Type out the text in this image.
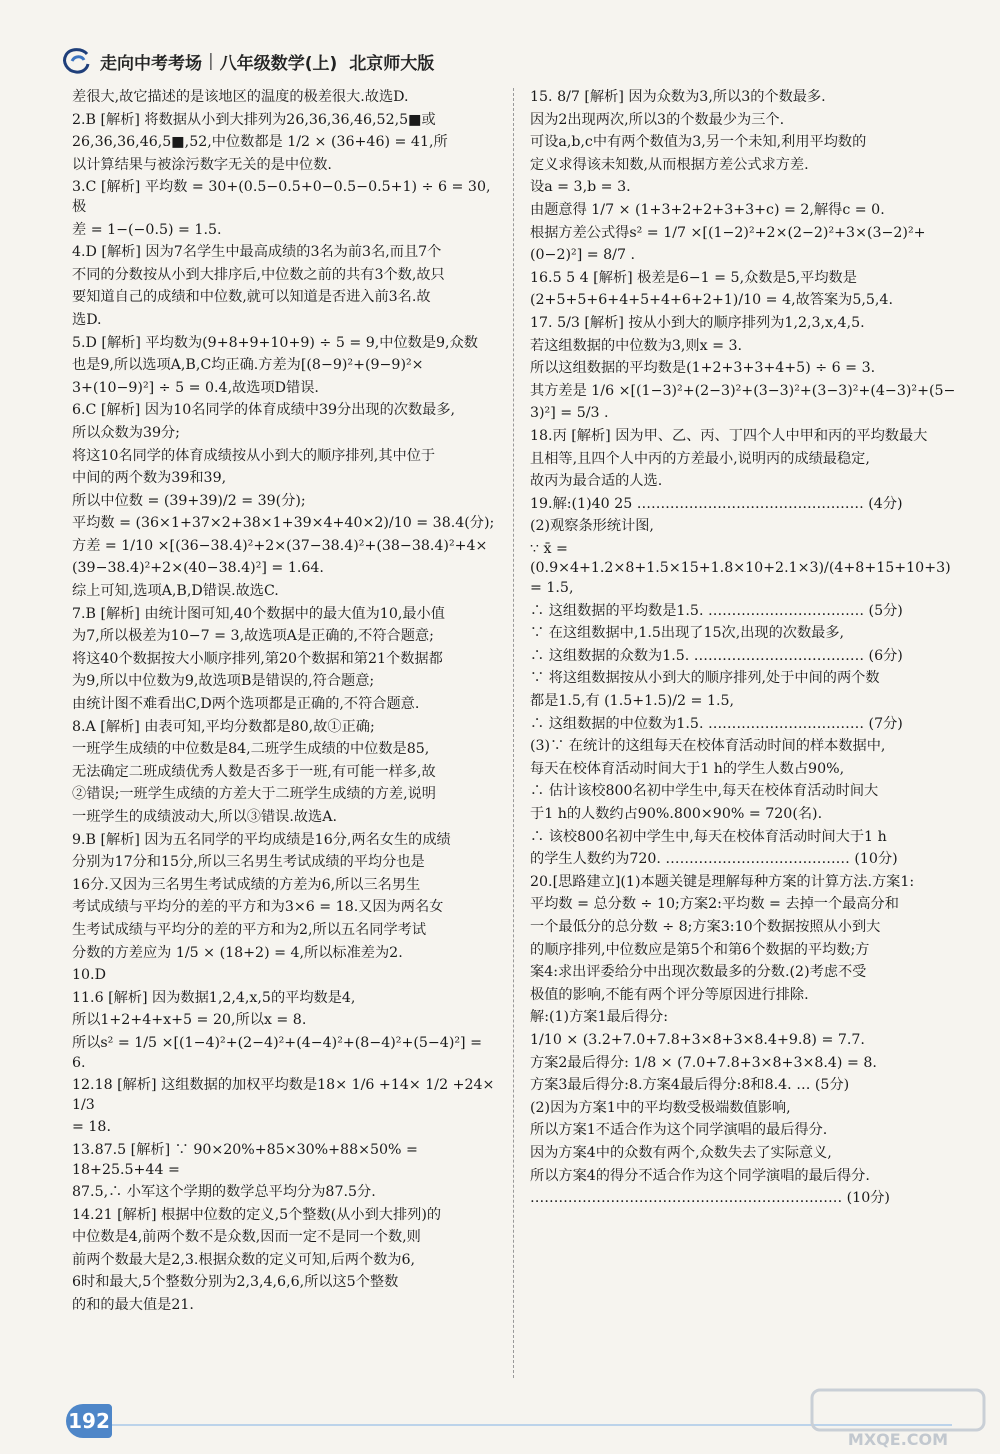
走向中考考场 | 八年级数学(上) 北京师大版
差很大,故它描述的是该地区的温度的极差很大.故选D.
2.B [解析] 将数据从小到大排列为26,36,36,46,52,5■或
26,36,36,46,5■,52,中位数都是 1/2 × (36+46) = 41,所
以计算结果与被涂污数字无关的是中位数.
3.C [解析] 平均数 = 30+(0.5−0.5+0−0.5−0.5+1) ÷ 6 = 30,极
差 = 1−(−0.5) = 1.5.
4.D [解析] 因为7名学生中最高成绩的3名为前3名,而且7个
不同的分数按从小到大排序后,中位数之前的共有3个数,故只
要知道自己的成绩和中位数,就可以知道是否进入前3名.故
选D.
5.D [解析] 平均数为(9+8+9+10+9) ÷ 5 = 9,中位数是9,众数
也是9,所以选项A,B,C均正确.方差为[(8−9)²+(9−9)²×
3+(10−9)²] ÷ 5 = 0.4,故选项D错误.
6.C [解析] 因为10名同学的体育成绩中39分出现的次数最多,
所以众数为39分;
将这10名同学的体育成绩按从小到大的顺序排列,其中位于
中间的两个数为39和39,
所以中位数 = (39+39)/2 = 39(分);
平均数 = (36×1+37×2+38×1+39×4+40×2)/10 = 38.4(分);
方差 = 1/10 ×[(36−38.4)²+2×(37−38.4)²+(38−38.4)²+4×
(39−38.4)²+2×(40−38.4)²] = 1.64.
综上可知,选项A,B,D错误.故选C.
7.B [解析] 由统计图可知,40个数据中的最大值为10,最小值
为7,所以极差为10−7 = 3,故选项A是正确的,不符合题意;
将这40个数据按大小顺序排列,第20个数据和第21个数据都
为9,所以中位数为9,故选项B是错误的,符合题意;
由统计图不难看出C,D两个选项都是正确的,不符合题意.
8.A [解析] 由表可知,平均分数都是80,故①正确;
一班学生成绩的中位数是84,二班学生成绩的中位数是85,
无法确定二班成绩优秀人数是否多于一班,有可能一样多,故
②错误;一班学生成绩的方差大于二班学生成绩的方差,说明
一班学生的成绩波动大,所以③错误.故选A.
9.B [解析] 因为五名同学的平均成绩是16分,两名女生的成绩
分别为17分和15分,所以三名男生考试成绩的平均分也是
16分.又因为三名男生考试成绩的方差为6,所以三名男生
考试成绩与平均分的差的平方和为3×6 = 18.又因为两名女
生考试成绩与平均分的差的平方和为2,所以五名同学考试
分数的方差应为 1/5 × (18+2) = 4,所以标准差为2.
10.D
11.6 [解析] 因为数据1,2,4,x,5的平均数是4,
所以1+2+4+x+5 = 20,所以x = 8.
所以s² = 1/5 ×[(1−4)²+(2−4)²+(4−4)²+(8−4)²+(5−4)²] = 6.
12.18 [解析] 这组数据的加权平均数是18× 1/6 +14× 1/2 +24× 1/3
= 18.
13.87.5 [解析] ∵ 90×20%+85×30%+88×50% = 18+25.5+44 =
87.5,∴ 小军这个学期的数学总平均分为87.5分.
14.21 [解析] 根据中位数的定义,5个整数(从小到大排列)的
中位数是4,前两个数不是众数,因而一定不是同一个数,则
前两个数最大是2,3.根据众数的定义可知,后两个数为6,
6时和最大,5个整数分别为2,3,4,6,6,所以这5个整数
的和的最大值是21.
15. 8/7 [解析] 因为众数为3,所以3的个数最多.
因为2出现两次,所以3的个数最少为三个.
可设a,b,c中有两个数值为3,另一个未知,利用平均数的
定义求得该未知数,从而根据方差公式求方差.
设a = 3,b = 3.
由题意得 1/7 × (1+3+2+2+3+3+c) = 2,解得c = 0.
根据方差公式得s² = 1/7 ×[(1−2)²+2×(2−2)²+3×(3−2)²+
(0−2)²] = 8/7 .
16.5 5 4 [解析] 极差是6−1 = 5,众数是5,平均数是
(2+5+5+6+4+5+4+6+2+1)/10 = 4,故答案为5,5,4.
17. 5/3 [解析] 按从小到大的顺序排列为1,2,3,x,4,5.
若这组数据的中位数为3,则x = 3.
所以这组数据的平均数是(1+2+3+3+4+5) ÷ 6 = 3.
其方差是 1/6 ×[(1−3)²+(2−3)²+(3−3)²+(3−3)²+(4−3)²+(5−
3)²] = 5/3 .
18.丙 [解析] 因为甲、乙、丙、丁四个人中甲和丙的平均数最大
且相等,且四个人中丙的方差最小,说明丙的成绩最稳定,
故丙为最合适的人选.
19.解:(1)40 25 ………………………………………… (4分)
(2)观察条形统计图,
∵ x̄ = (0.9×4+1.2×8+1.5×15+1.8×10+2.1×3)/(4+8+15+10+3) = 1.5,
∴ 这组数据的平均数是1.5. …………………………… (5分)
∵ 在这组数据中,1.5出现了15次,出现的次数最多,
∴ 这组数据的众数为1.5. ……………………………… (6分)
∵ 将这组数据按从小到大的顺序排列,处于中间的两个数
都是1.5,有 (1.5+1.5)/2 = 1.5,
∴ 这组数据的中位数为1.5. …………………………… (7分)
(3)∵ 在统计的这组每天在校体育活动时间的样本数据中,
每天在校体育活动时间大于1 h的学生人数占90%,
∴ 估计该校800名初中学生中,每天在校体育活动时间大
于1 h的人数约占90%.800×90% = 720(名).
∴ 该校800名初中学生中,每天在校体育活动时间大于1 h
的学生人数约为720. ………………………………… (10分)
20.[思路建立](1)本题关键是理解每种方案的计算方法.方案1:
平均数 = 总分数 ÷ 10;方案2:平均数 = 去掉一个最高分和
一个最低分的总分数 ÷ 8;方案3:10个数据按照从小到大
的顺序排列,中位数应是第5个和第6个数据的平均数;方
案4:求出评委给分中出现次数最多的分数.(2)考虑不受
极值的影响,不能有两个评分等原因进行排除.
解:(1)方案1最后得分:
1/10 × (3.2+7.0+7.8+3×8+3×8.4+9.8) = 7.7.
方案2最后得分: 1/8 × (7.0+7.8+3×8+3×8.4) = 8.
方案3最后得分:8.方案4最后得分:8和8.4. … (5分)
(2)因为方案1中的平均数受极端数值影响,
所以方案1不适合作为这个同学演唱的最后得分.
因为方案4中的众数有两个,众数失去了实际意义,
所以方案4的得分不适合作为这个同学演唱的最后得分.
………………………………………………………… (10分)
192
MXQE.COM
